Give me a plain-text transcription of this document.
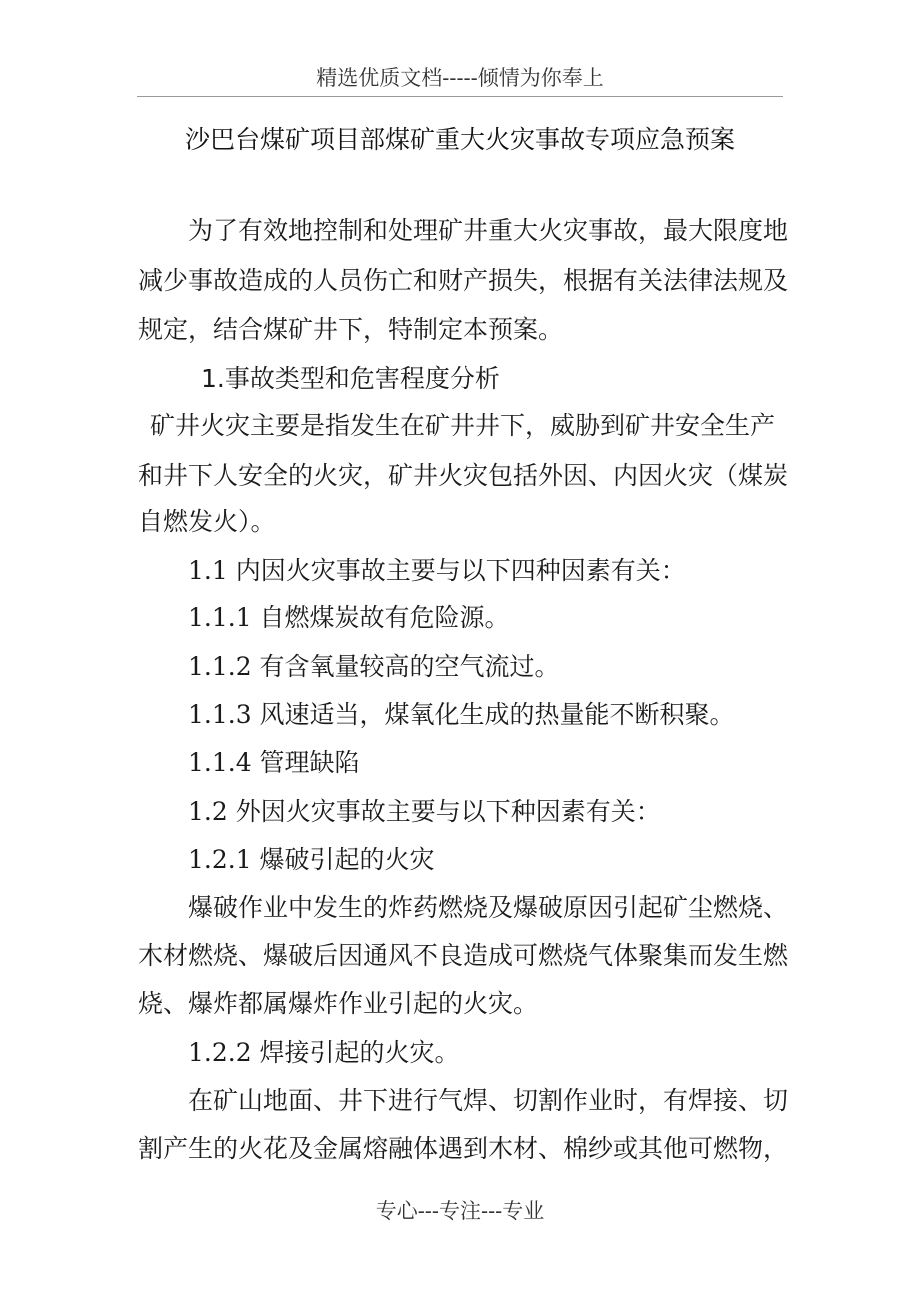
精选优质文档-----倾情为你奉上
沙巴台煤矿项目部煤矿重大火灾事故专项应急预案
为了有效地控制和处理矿井重大火灾事故，最大限度地
减少事故造成的人员伤亡和财产损失，根据有关法律法规及
规定，结合煤矿井下，特制定本预案。
1.事故类型和危害程度分析
矿井火灾主要是指发生在矿井井下，威胁到矿井安全生产
和井下人安全的火灾，矿井火灾包括外因、内因火灾（煤炭
自燃发火）。
1.1 内因火灾事故主要与以下四种因素有关：
1.1.1 自燃煤炭故有危险源。
1.1.2 有含氧量较高的空气流过。
1.1.3 风速适当，煤氧化生成的热量能不断积聚。
1.1.4 管理缺陷
1.2 外因火灾事故主要与以下种因素有关：
1.2.1 爆破引起的火灾
爆破作业中发生的炸药燃烧及爆破原因引起矿尘燃烧、
木材燃烧、爆破后因通风不良造成可燃烧气体聚集而发生燃
烧、爆炸都属爆炸作业引起的火灾。
1.2.2 焊接引起的火灾。
在矿山地面、井下进行气焊、切割作业时，有焊接、切
割产生的火花及金属熔融体遇到木材、棉纱或其他可燃物，
专心---专注---专业
